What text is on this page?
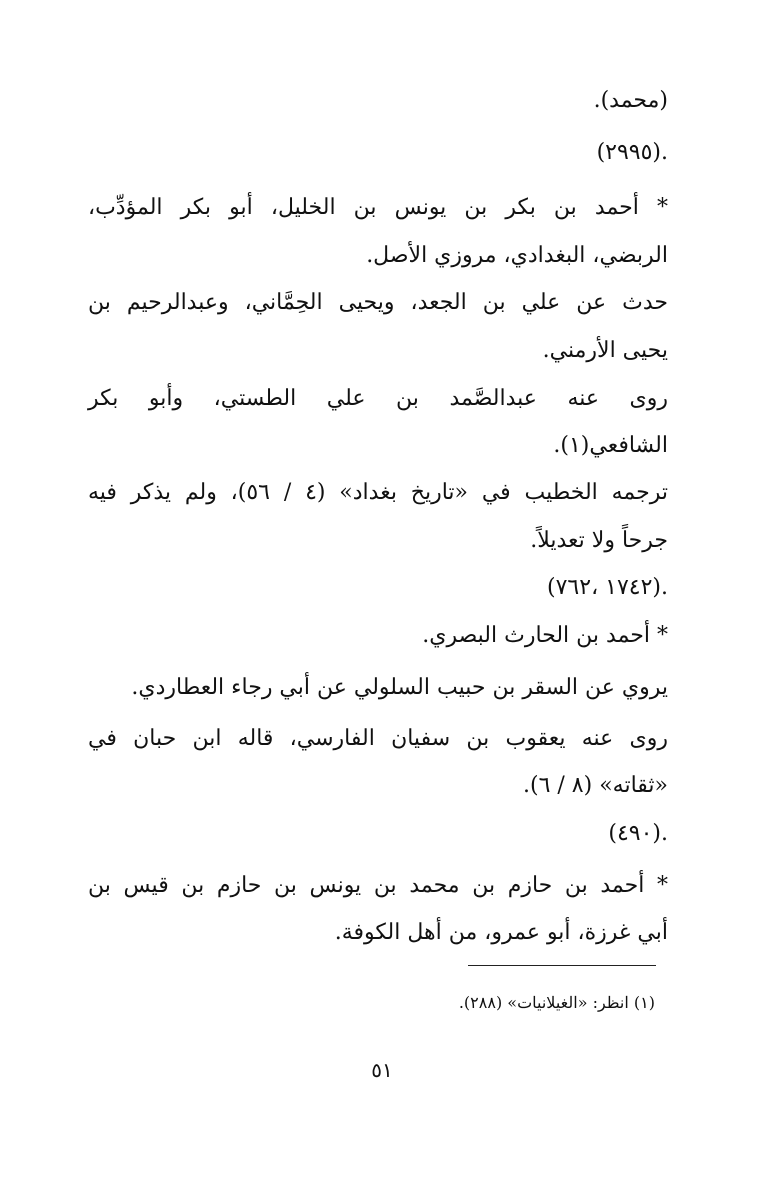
(محمد).
.(٢٩٩٥)
* أحمد بن بكر بن يونس بن الخليل، أبو بكر المؤدِّب،
الربضي، البغدادي، مروزي الأصل.
حدث عن علي بن الجعد، ويحيى الحِمَّاني، وعبدالرحيم بن
يحيى الأرمني.
روى عنه عبدالصَّمد بن علي الطستي، وأبو بكر
الشافعي(١).
ترجمه الخطيب في «تاريخ بغداد» (٤ / ٥٦)، ولم يذكر فيه
جرحاً ولا تعديلاً.
.(١٧٤٢ ،٧٦٢)
* أحمد بن الحارث البصري.
يروي عن السقر بن حبيب السلولي عن أبي رجاء العطاردي.
روى عنه يعقوب بن سفيان الفارسي، قاله ابن حبان في
«ثقاته» (٨ / ٦).
.(٤٩٠)
* أحمد بن حازم بن محمد بن يونس بن حازم بن قيس بن
أبي غرزة، أبو عمرو، من أهل الكوفة.
(١) انظر: «الغيلانيات» (٢٨٨).
٥١
